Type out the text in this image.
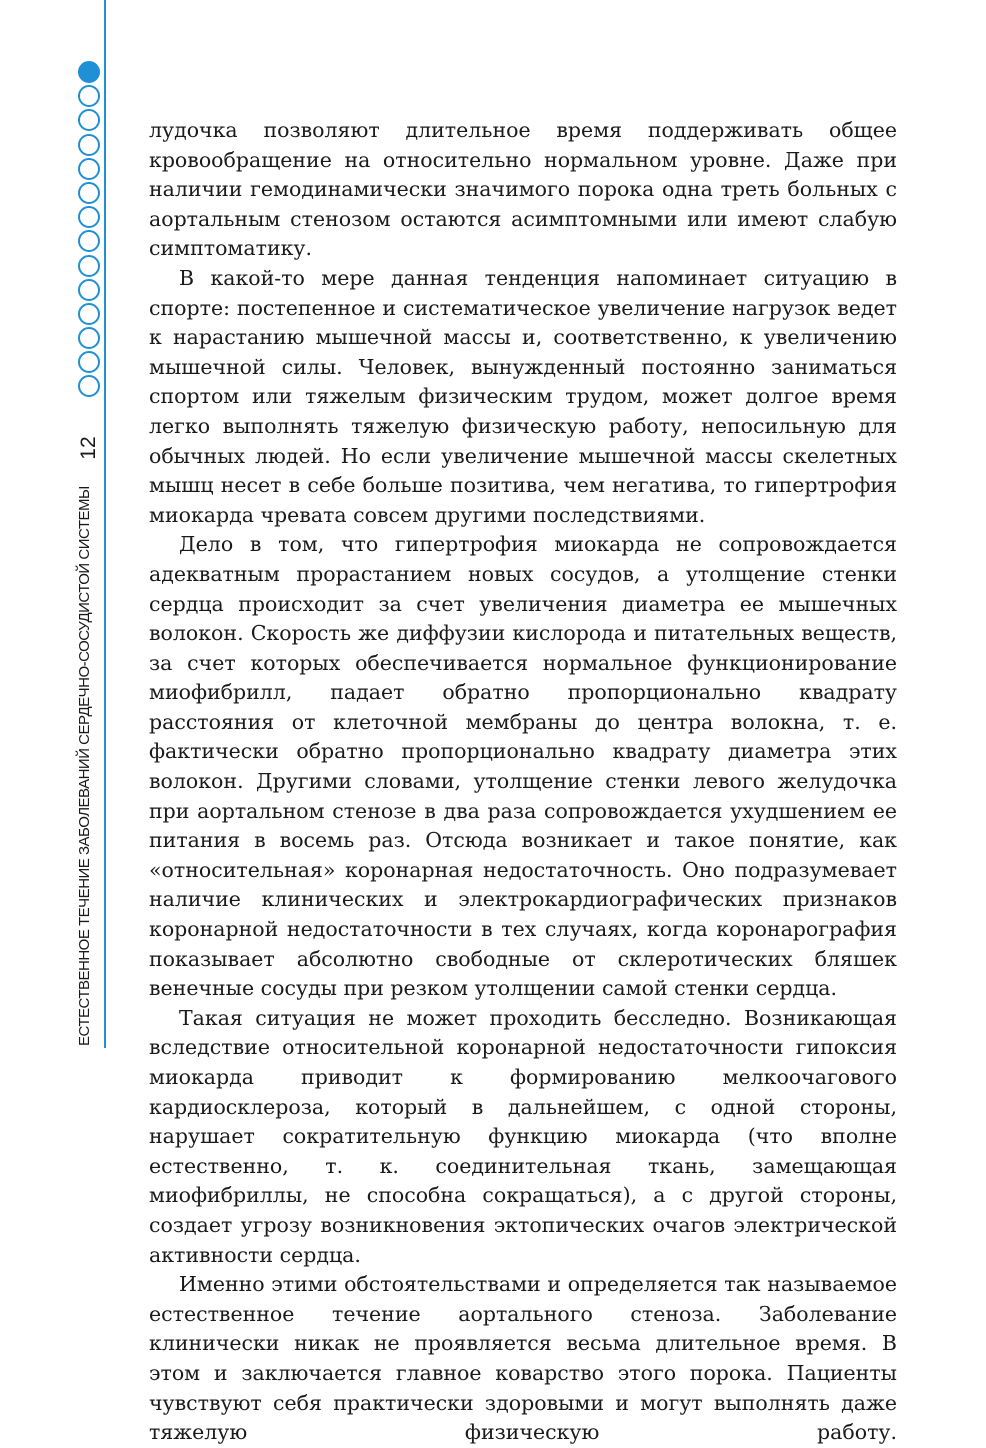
12
ЕСТЕСТВЕННОЕ ТЕЧЕНИЕ ЗАБОЛЕВАНИЙ СЕРДЕЧНО-СОСУДИСТОЙ СИСТЕМЫ

лудочка позволяют длительное время поддерживать общее кровообращение на относительно нормальном уровне. Даже при наличии гемодинамически значимого порока одна треть больных с аортальным стенозом остаются асимптомными или имеют слабую симптоматику.

В какой-то мере данная тенденция напоминает ситуацию в спорте: постепенное и систематическое увеличение нагрузок ведет к нарастанию мышечной массы и, соответственно, к увеличению мышечной силы. Человек, вынужденный постоянно заниматься спортом или тяжелым физическим трудом, может долгое время легко выполнять тяжелую физическую работу, непосильную для обычных людей. Но если увеличение мышечной массы скелетных мышц несет в себе больше позитива, чем негатива, то гипертрофия миокарда чревата совсем другими последствиями.

Дело в том, что гипертрофия миокарда не сопровождается адекватным прорастанием новых сосудов, а утолщение стенки сердца происходит за счет увеличения диаметра ее мышечных волокон. Скорость же диффузии кислорода и питательных веществ, за счет которых обеспечивается нормальное функционирование миофибрилл, падает обратно пропорционально квадрату расстояния от клеточной мембраны до центра волокна, т. е. фактически обратно пропорционально квадрату диаметра этих волокон. Другими словами, утолщение стенки левого желудочка при аортальном стенозе в два раза сопровождается ухудшением ее питания в восемь раз. Отсюда возникает и такое понятие, как «относительная» коронарная недостаточность. Оно подразумевает наличие клинических и электрокардиографических признаков коронарной недостаточности в тех случаях, когда коронарография показывает абсолютно свободные от склеротических бляшек венечные сосуды при резком утолщении самой стенки сердца.

Такая ситуация не может проходить бесследно. Возникающая вследствие относительной коронарной недостаточности гипоксия миокарда приводит к формированию мелкоочагового кардиосклероза, который в дальнейшем, с одной стороны, нарушает сократительную функцию миокарда (что вполне естественно, т. к. соединительная ткань, замещающая миофибриллы, не способна сокращаться), а с другой стороны, создает угрозу возникновения эктопических очагов электрической активности сердца.

Именно этими обстоятельствами и определяется так называемое естественное течение аортального стеноза. Заболевание клинически никак не проявляется весьма длительное время. В этом и заключается главное коварство этого порока. Пациенты чувствуют себя практически здоровыми и могут выполнять даже тяжелую физическую работу.
